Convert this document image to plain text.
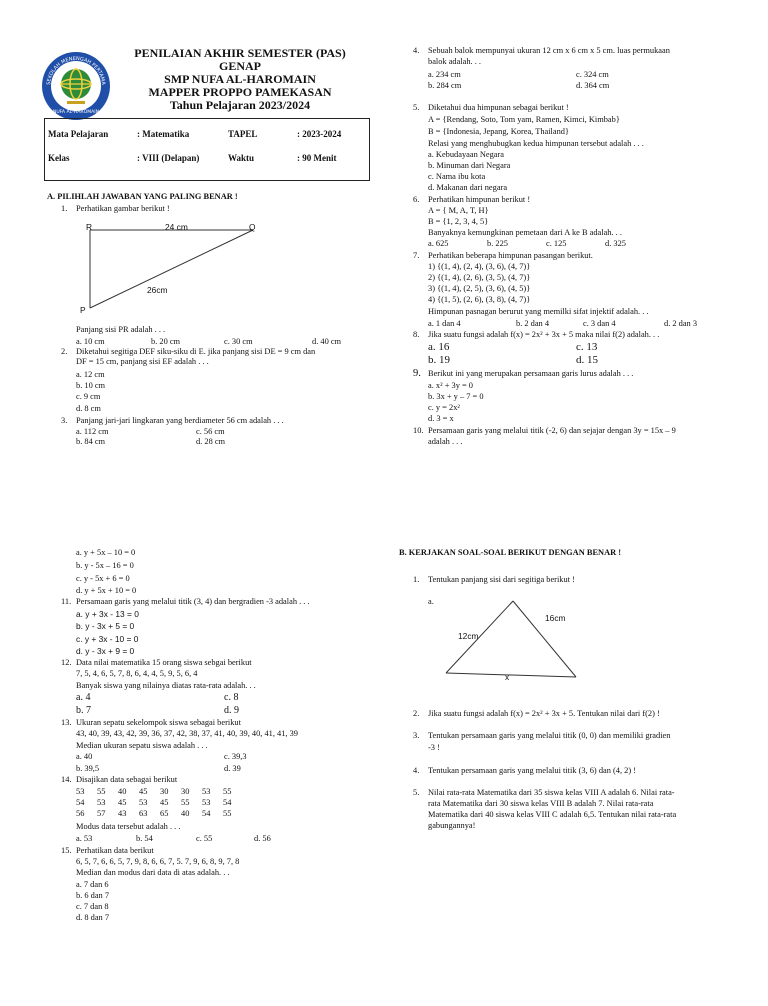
SEKOLAH MENENGAH PERTAMA
NUFA AL-HAROMAIN
PENILAIAN AKHIR SEMESTER (PAS) GENAP
SMP NUFA AL-HAROMAIN
MAPPER PROPPO PAMEKASAN
Tahun Pelajaran 2023/2024
Mata Pelajaran	: Matematika	TAPEL	: 2023-2024
Kelas	: VIII (Delapan)	Waktu	: 90 Menit
A. PILIHLAH JAWABAN YANG PALING BENAR !
1. Perhatikan gambar berikut !
R	Q
P
24 cm
26cm
Panjang sisi PR adalah . . .
a. 10 cm	b. 20 cm	c. 30 cm	d. 40 cm
2. Diketahui segitiga DEF siku-siku di E. jika panjang sisi DE = 9 cm dan
DF = 15 cm, panjang sisi EF adalah . . .
a. 12 cm
b. 10 cm
c. 9 cm
d. 8 cm
3. Panjang jari-jari lingkaran yang berdiameter 56 cm adalah . . .
a. 112 cm	c. 56 cm
b. 84 cm	d. 28 cm
4. Sebuah balok mempunyai ukuran 12 cm x 6 cm x 5 cm. luas permukaan
balok adalah. . .
a. 234 cm	c. 324 cm
b. 284 cm	d. 364 cm
5. Diketahui dua himpunan sebagai berikut !
A = {Rendang, Soto, Tom yam, Ramen, Kimci, Kimbab}
B = {Indonesia, Jepang, Korea, Thailand}
Relasi yang menghubugkan kedua himpunan tersebut adalah . . .
a. Kebudayaan Negara
b. Minuman dari Negara
c. Nama ibu kota
d. Makanan dari negara
6. Perhatikan himpunan berikut !
A = { M, A, T, H}
B = {1, 2, 3, 4, 5}
Banyaknya kemungkinan pemetaan dari A ke B adalah. . .
a. 625	b. 225	c. 125	d. 325
7. Perhatikan beberapa himpunan pasangan berikut.
1) {(1, 4), (2, 4), (3, 6), (4, 7)}
2) {(1, 4), (2, 6), (3, 5), (4, 7)}
3) {(1, 4), (2, 5), (3, 6), (4, 5)}
4) {(1, 5), (2, 6), (3, 8), (4, 7)}
Himpunan pasnagan berurut yang memilki sifat injektif adalah. . .
a. 1 dan 4	b. 2 dan 4	c. 3 dan 4	d. 2 dan 3
8. Jika suatu fungsi adalah f(x) = 2x² + 3x + 5 maka nilai f(2) adalah. . .
a. 16	c. 13
b. 19	d. 15
9. Berikut ini yang merupakan persamaan garis lurus adalah . . .
a. x² + 3y = 0
b. 3x + y – 7 = 0
c. y = 2x²
d. 3 = x
10. Persamaan garis yang melalui titik (-2, 6) dan sejajar dengan 3y = 15x – 9
adalah . . .
a. y + 5x – 10 = 0
b. y - 5x – 16 = 0
c. y - 5x + 6 = 0
d. y + 5x + 10 = 0
11. Persamaan garis yang melalui titik (3, 4) dan bergradien -3 adalah . . .
a. y + 3x - 13 = 0
b. y - 3x + 5 = 0
c. y + 3x - 10 = 0
d. y - 3x + 9 = 0
12. Data nilai matematika 15 orang siswa sebgai berikut
7, 5, 4, 6, 5, 7, 8, 6, 4, 4, 5, 9, 5, 6, 4
Banyak siswa yang nilainya diatas rata-rata adalah. . .
a. 4	c. 8
b. 7	d. 9
13. Ukuran sepatu sekelompok siswa sebagai berikut
43, 40, 39, 43, 42, 39, 36, 37, 42, 38, 37, 41, 40, 39, 40, 41, 41, 39
Median ukuran sepatu siswa adalah . . .
a. 40	c. 39,3
b. 39,5	d. 39
14. Disajikan data sebagai berikut
53 55 40 45 30 30 53 55
54 53 45 53 45 55 53 54
56 57 43 63 65 40 54 55
Modus data tersebut adalah . . .
a. 53	b. 54	c. 55	d. 56
15. Perhatikan data berikut
6, 5, 7, 6, 6, 5, 7, 9, 8, 6, 6, 7, 5. 7, 9, 6, 8, 9, 7, 8
Median dan modus dari data di atas adalah. . .
a. 7 dan 6
b. 6 dan 7
c. 7 dan 8
d. 8 dan 7
B. KERJAKAN SOAL-SOAL BERIKUT DENGAN BENAR !
1. Tentukan panjang sisi dari segitiga berikut !
a.
16cm
12cm
x
2. Jika suatu fungsi adalah f(x) = 2x² + 3x + 5. Tentukan nilai dari f(2) !
3. Tentukan persamaan garis yang melalui titik (0, 0) dan memiliki gradien
-3 !
4. Tentukan persamaan garis yang melalui titik (3, 6) dan (4, 2) !
5. Nilai rata-rata Matematika dari 35 siswa kelas VIII A adalah 6. Nilai rata-
rata Matematika dari 30 siswa kelas VIII B adalah 7. Nilai rata-rata
Matematika dari 40 siswa kelas VIII C adalah 6,5. Tentukan nilai rata-rata
gabungannya!
